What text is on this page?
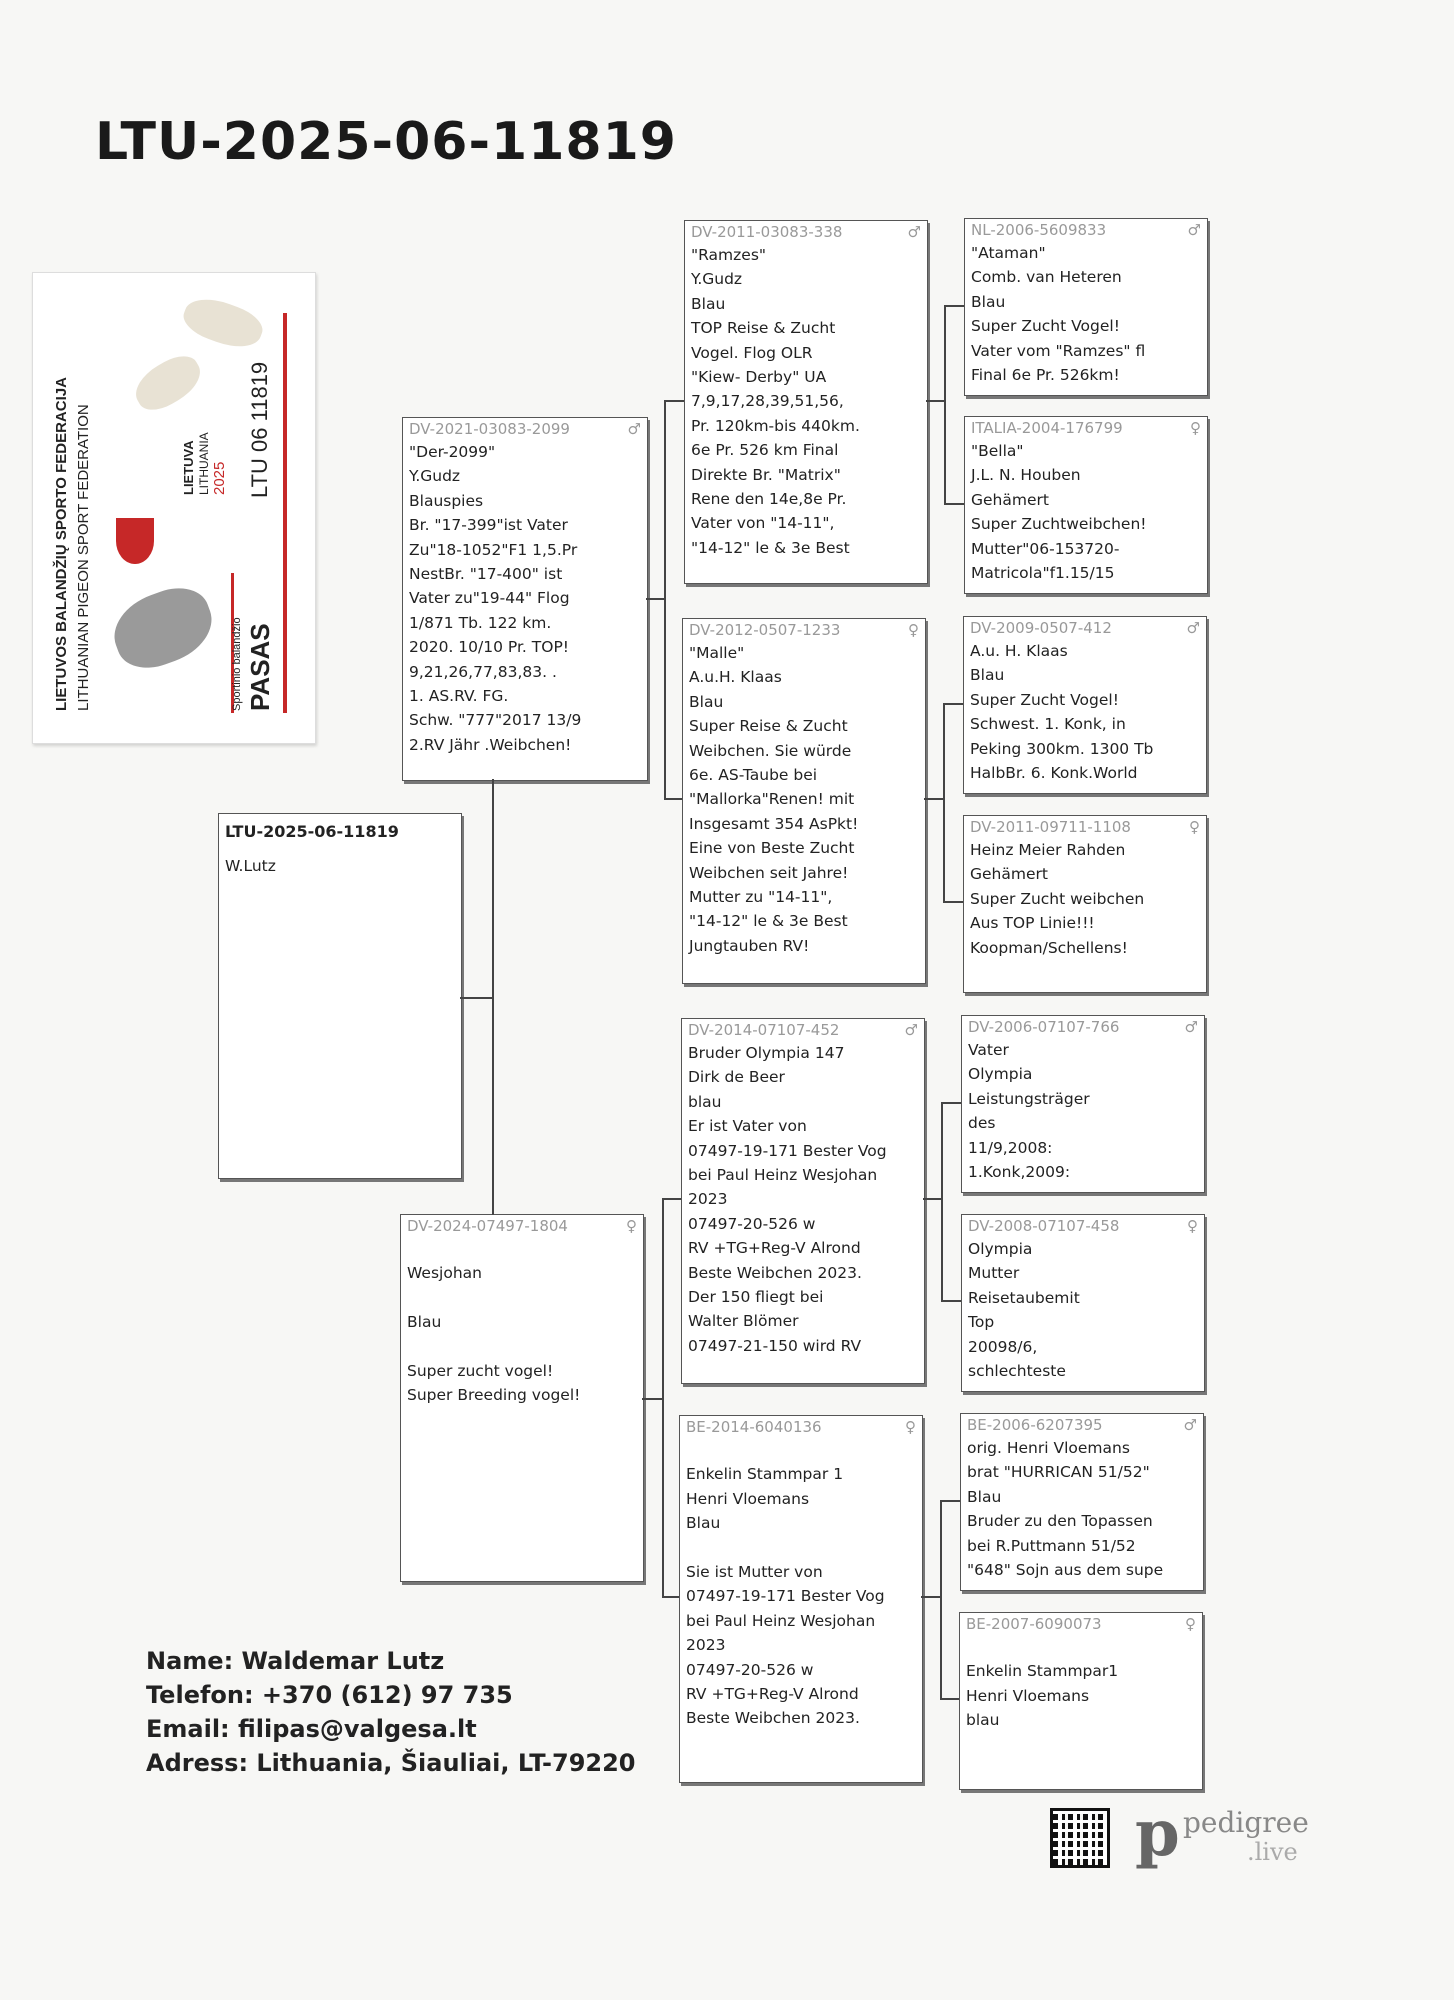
LTU-2025-06-11819
LIETUVOS BALANDŽIŲ SPORTO FEDERACIJA LITHUANIAN PIGEON SPORT FEDERATION	LIETUVA LITHUANIA 2025
Sportinio balandžio PASAS
LTU 06 11819
LTU-2025-06-11819
W.Lutz
DV-2021-03083-2099	♂
"Der-2099"
Y.Gudz
Blauspies
Br. "17-399"ist Vater
Zu"18-1052"F1 1,5.Pr
NestBr. "17-400" ist
Vater zu"19-44" Flog
1/871 Tb. 122 km.
2020. 10/10 Pr. TOP!
9,21,26,77,83,83. .
1. AS.RV. FG.
Schw. "777"2017 13/9
2.RV Jähr .Weibchen!
DV-2024-07497-1804	♀
Wesjohan
Blau
Super zucht vogel!
Super Breeding vogel!
DV-2011-03083-338	♂
"Ramzes"
Y.Gudz
Blau
TOP Reise & Zucht
Vogel. Flog OLR
"Kiew- Derby" UA
7,9,17,28,39,51,56,
Pr. 120km-bis 440km.
6e Pr. 526 km Final
Direkte Br. "Matrix"
Rene den 14e,8e Pr.
Vater von "14-11",
"14-12" le & 3e Best
DV-2012-0507-1233	♀
"Malle"
A.u.H. Klaas
Blau
Super Reise & Zucht
Weibchen. Sie würde
6e. AS-Taube bei
"Mallorka"Renen! mit
Insgesamt 354 AsPkt!
Eine von Beste Zucht
Weibchen seit Jahre!
Mutter zu "14-11",
"14-12" le & 3e Best
Jungtauben RV!
DV-2014-07107-452	♂
Bruder Olympia 147
Dirk de Beer
blau
Er ist Vater von
07497-19-171 Bester Vog
bei Paul Heinz Wesjohan
2023
07497-20-526 w
RV +TG+Reg-V Alrond
Beste Weibchen 2023.
Der 150 fliegt bei
Walter Blömer
07497-21-150 wird RV
BE-2014-6040136	♀
Enkelin Stammpar 1
Henri Vloemans
Blau
Sie ist Mutter von
07497-19-171 Bester Vog
bei Paul Heinz Wesjohan
2023
07497-20-526 w
RV +TG+Reg-V Alrond
Beste Weibchen 2023.
NL-2006-5609833	♂
"Ataman"
Comb. van Heteren
Blau
Super Zucht Vogel!
Vater vom "Ramzes" fl
Final 6e Pr. 526km!
ITALIA-2004-176799	♀
"Bella"
J.L. N. Houben
Gehämert
Super Zuchtweibchen!
Mutter"06-153720-
Matricola"f1.15/15
DV-2009-0507-412	♂
A.u. H. Klaas
Blau
Super Zucht Vogel!
Schwest. 1. Konk, in
Peking 300km. 1300 Tb
HalbBr. 6. Konk.World
DV-2011-09711-1108	♀
Heinz Meier Rahden
Gehämert
Super Zucht weibchen
Aus TOP Linie!!!
Koopman/Schellens!
DV-2006-07107-766	♂
Vater
Olympia
Leistungsträger
des
11/9,2008:
1.Konk,2009:
DV-2008-07107-458	♀
Olympia
Mutter
Reisetaubemit
Top
20098/6,
schlechteste
BE-2006-6207395	♂
orig. Henri Vloemans
brat "HURRICAN 51/52"
Blau
Bruder zu den Topassen
bei R.Puttmann 51/52
"648" Sojn aus dem supe
BE-2007-6090073	♀
Enkelin Stammpar1
Henri Vloemans
blau
Name: Waldemar Lutz
Telefon: +370 (612) 97 735
Email: filipas@valgesa.lt
Adress: Lithuania, Šiauliai, LT-79220
p pedigree
.live
